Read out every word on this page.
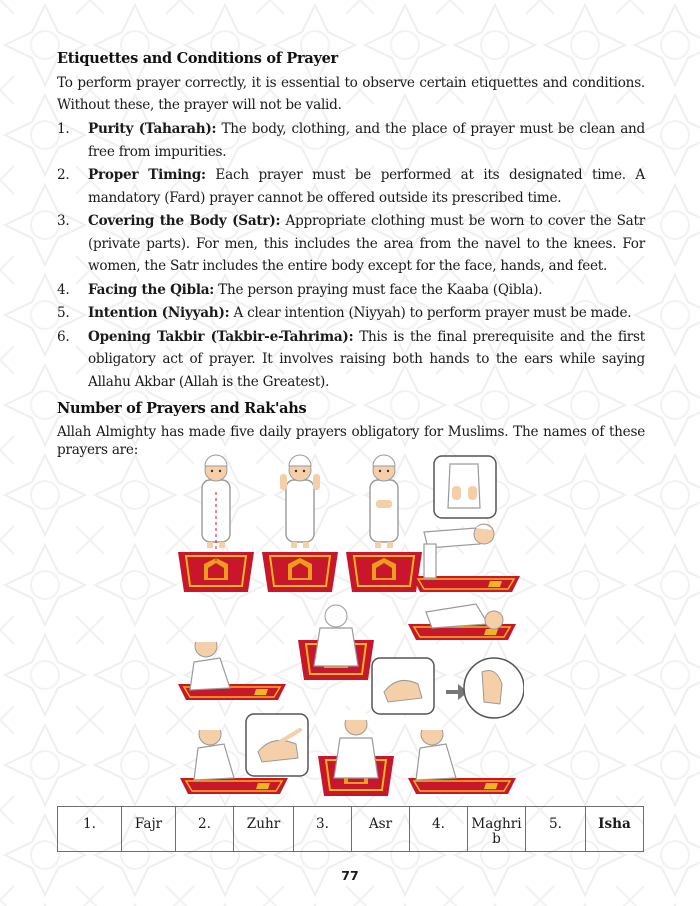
Etiquettes and Conditions of Prayer
To perform prayer correctly, it is essential to observe certain etiquettes and conditions. Without these, the prayer will not be valid.
1. Purity (Taharah): The body, clothing, and the place of prayer must be clean and free from impurities.
2. Proper Timing: Each prayer must be performed at its designated time. A mandatory (Fard) prayer cannot be offered outside its prescribed time.
3. Covering the Body (Satr): Appropriate clothing must be worn to cover the Satr (private parts). For men, this includes the area from the navel to the knees. For women, the Satr includes the entire body except for the face, hands, and feet.
4. Facing the Qibla: The person praying must face the Kaaba (Qibla).
5. Intention (Niyyah): A clear intention (Niyyah) to perform prayer must be made.
6. Opening Takbir (Takbir-e-Tahrima): This is the final prerequisite and the first obligatory act of prayer. It involves raising both hands to the ears while saying Allahu Akbar (Allah is the Greatest).
Number of Prayers and Rak'ahs
Allah Almighty has made five daily prayers obligatory for Muslims. The names of these prayers are:
1.	Fajr	2.	Zuhr	3.	Asr	4.	Maghrib	5.	Isha
77
